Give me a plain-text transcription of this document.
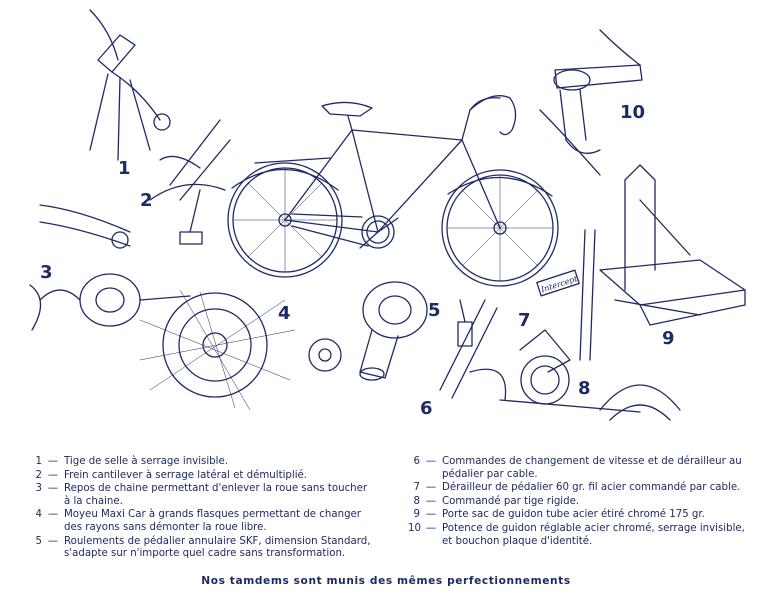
Intercept
1
2
3
4	5
6
7
8
9
10
1 — Tige de selle à serrage invisible.
2 — Frein cantilever à serrage latéral et démultiplié.
3 — Repos de chaine permettant d'enlever la roue sans toucher à la chaine.
4 — Moyeu Maxi Car à grands flasques permettant de changer des rayons sans démonter la roue libre.
5 — Roulements de pédalier annulaire SKF, dimension Standard, s'adapte sur n'importe quel cadre sans transformation.
6 — Commandes de changement de vitesse et de dérailleur au pédalier par cable.
7 — Dérailleur de pédalier 60 gr. fil acier commandé par cable.
8 — Commandé par tige rigide.
9 — Porte sac de guidon tube acier étiré chromé 175 gr.
10 — Potence de guidon réglable acier chromé, serrage invisible, et bouchon plaque d'identité.
Nos tamdems sont munis des mêmes perfectionnements
